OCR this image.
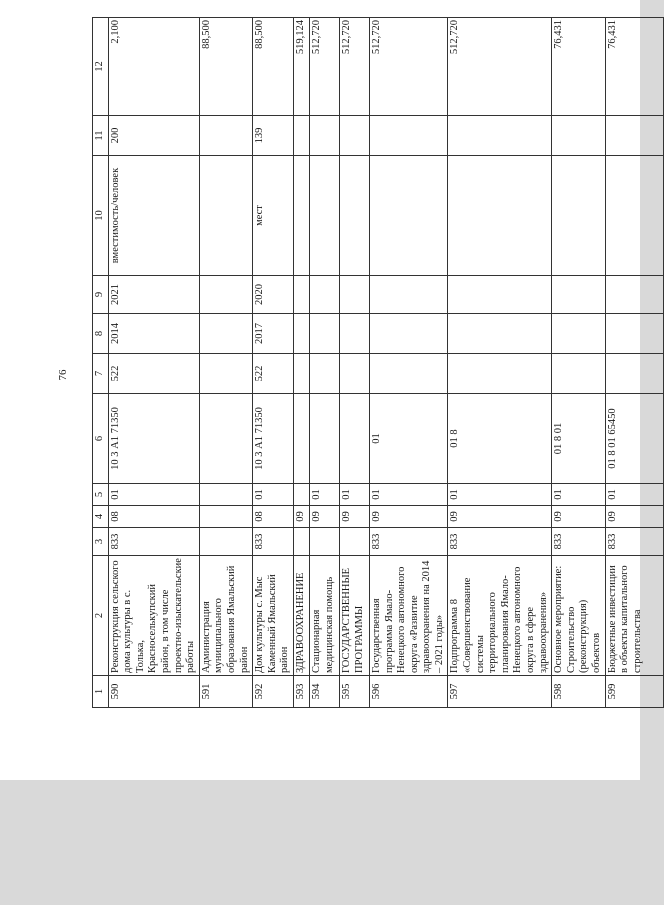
76
1	2	3	4	5	6	7	8	9	10	11	12
590	Реконструкция сельского дома культуры в с. Толька, Красноселькупский район, в том числе проектно-изыскательские работы	833	08	01	10 3 А1 71350	522	2014	2021	вместимость/человек	200	2,100
591	Администрация муниципального образования Ямальский район										88,500
592	Дом культуры с. Мыс Каменный Ямальский район	833	08	01	10 3 А1 71350	522	2017	2020	мест	139	88,500
593	ЗДРАВООХРАНЕНИЕ		09								519,124
594	Стационарная медицинская помощь		09	01							512,720
595	ГОСУДАРСТВЕННЫЕ ПРОГРАММЫ		09	01							512,720
596	Государственная программа Ямало-Ненецкого автономного округа «Развитие здравоохранения на 2014 – 2021 годы»	833	09	01	01						512,720
597	Подпрограмма 8 «Совершенствование системы территориального планирования Ямало-Ненецкого автономного округа в сфере здравоохранения»	833	09	01	01 8						512,720
598	Основное мероприятие: Строительство (реконструкция) объектов	833	09	01	01 8 01						76,431
599	Бюджетные инвестиции в объекты капитального строительства	833	09	01	01 8 01 65450						76,431
